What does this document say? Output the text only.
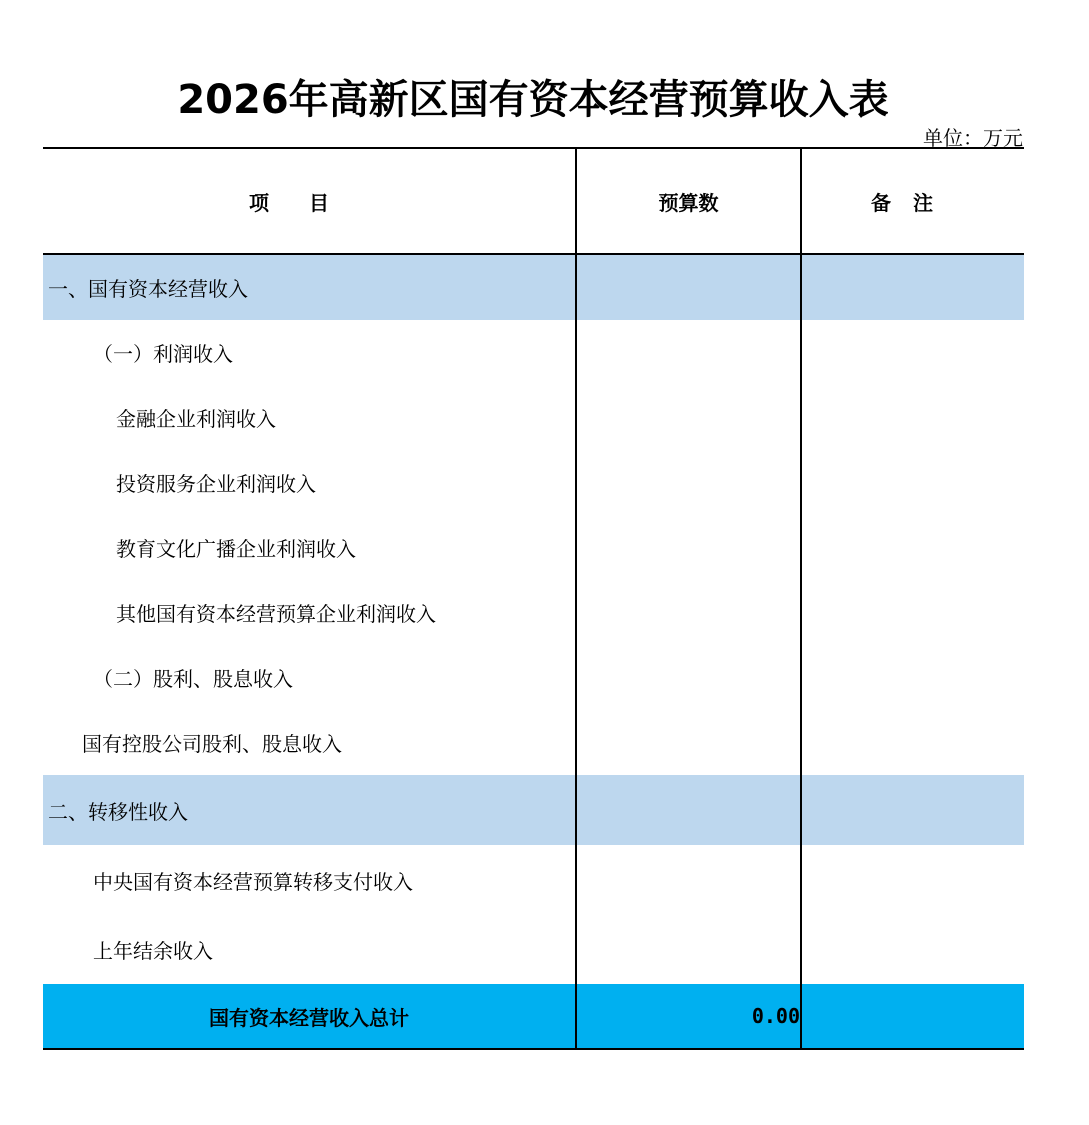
2026年高新区国有资本经营预算收入表
单位：万元
项目	预算数	备注
一、国有资本经营收入		
（一）利润收入		
金融企业利润收入		
投资服务企业利润收入		
教育文化广播企业利润收入		
其他国有资本经营预算企业利润收入		
（二）股利、股息收入		
国有控股公司股利、股息收入		
二、转移性收入		
中央国有资本经营预算转移支付收入		
上年结余收入		
国有资本经营收入总计	0.00	
